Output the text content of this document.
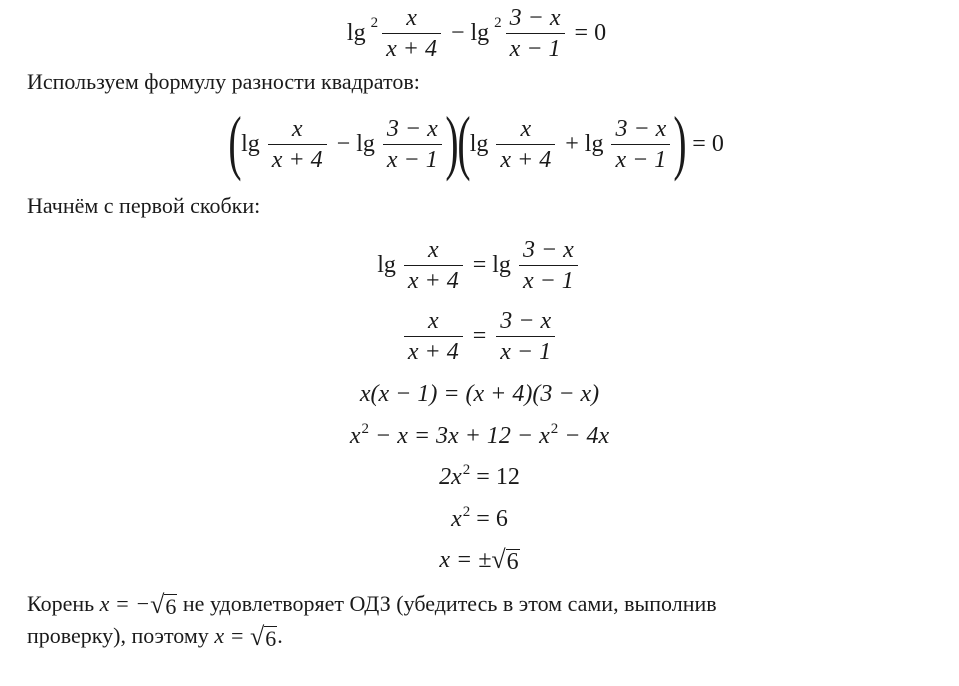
$\lg 2 \frac{x}{x + 4} - \lg 2 \frac{3 - x}{x - 1} = 0$
Используем формулу разности квадратов:
( $\lg \frac{x}{x + 4} - \lg \frac{3 - x}{x - 1}$ )
( $\lg \frac{x}{x + 4} + \lg \frac{3 - x}{x - 1}$ ) = 0
Начнём с первой скобки:
$\lg \frac{x}{x + 4} = \lg \frac{3 - x}{x - 1}$
$\frac{x}{x + 4} = \frac{3 - x}{x - 1}$
x(x − 1) = (x + 4)(3 − x)
$x^2 - x = 3x + 12 - x^2 - 4x$
$2x^2 = 12$
$x^2 = 6$
x = ± √ 6
Корень x = − √ 6 не удовлетворяет ОДЗ (убедитесь в этом сами, выполнив
проверку), поэтому x = √ 6 .
